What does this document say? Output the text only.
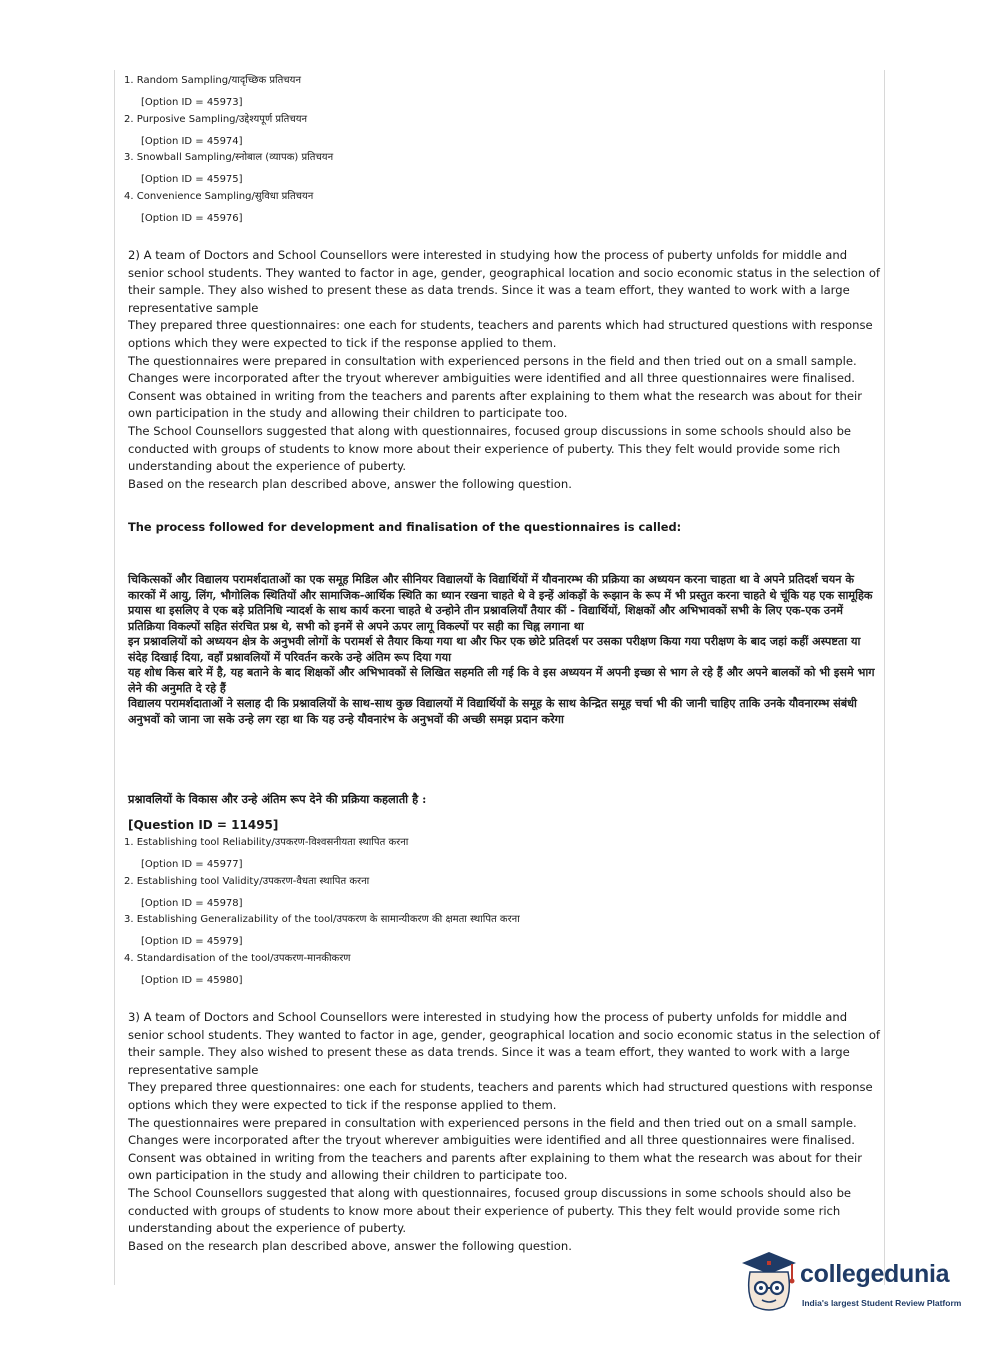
1. Random Sampling/यादृच्छिक प्रतिचयन
[Option ID = 45973]
2. Purposive Sampling/उद्देश्यपूर्ण प्रतिचयन
[Option ID = 45974]
3. Snowball Sampling/स्नोबाल (व्यापक) प्रतिचयन
[Option ID = 45975]
4. Convenience Sampling/सुविधा प्रतिचयन
[Option ID = 45976]

2) A team of Doctors and School Counsellors were interested in studying how the process of puberty unfolds for middle and senior school students. They wanted to factor in age, gender, geographical location and socio economic status in the selection of their sample. They also wished to present these as data trends. Since it was a team effort, they wanted to work with a large representative sample

They prepared three questionnaires: one each for students, teachers and parents which had structured questions with response options which they were expected to tick if the response applied to them.

The questionnaires were prepared in consultation with experienced persons in the field and then tried out on a small sample. Changes were incorporated after the tryout wherever ambiguities were identified and all three questionnaires were finalised.

Consent was obtained in writing from the teachers and parents after explaining to them what the research was about for their own participation in the study and allowing their children to participate too.

The School Counsellors suggested that along with questionnaires, focused group discussions in some schools should also be conducted with groups of students to know more about their experience of puberty. This they felt would provide some rich understanding about the experience of puberty.

Based on the research plan described above, answer the following question.

The process followed for development and finalisation of the questionnaires is called:

चिकित्सकों और विद्यालय परामर्शदाताओं का एक समूह मिडिल और सीनियर विद्यालयों के विद्यार्थियों में यौवनारम्भ की प्रक्रिया का अध्ययन करना चाहता था वे अपने प्रतिदर्श चयन के कारकों में आयु, लिंग, भौगोलिक स्थितियों और सामाजिक-आर्थिक स्थिति का ध्यान रखना चाहते थे वे इन्हें आंकड़ों के रूझान के रूप में भी प्रस्तुत करना चाहते थे चूंकि यह एक सामूहिक प्रयास था इसलिए वे एक बड़े प्रतिनिधि न्यादर्श के साथ कार्य करना चाहते थे उन्होने तीन प्रश्नावलियाँ तैयार कीं - विद्यार्थियों, शिक्षकों और अभिभावकों सभी के लिए एक-एक उनमें प्रतिक्रिया विकल्पों सहित संरचित प्रश्न थे, सभी को इनमें से अपने ऊपर लागू विकल्पों पर सही का चिह्न लगाना था

इन प्रश्नावलियों को अध्ययन क्षेत्र के अनुभवी लोगों के परामर्श से तैयार किया गया था और फिर एक छोटे प्रतिदर्श पर उसका परीक्षण किया गया परीक्षण के बाद जहां कहीं अस्पष्टता या संदेह दिखाई दिया, वहाँ प्रश्नावलियों में परिवर्तन करके उन्हे अंतिम रूप दिया गया

यह शोध किस बारे में है, यह बताने के बाद शिक्षकों और अभिभावकों से लिखित सहमति ली गई कि वे इस अध्ययन में अपनी इच्छा से भाग ले रहे हैं और अपने बालकों को भी इसमे भाग लेने की अनुमति दे रहे हैं

विद्यालय परामर्शदाताओं ने सलाह दी कि प्रश्नावलियों के साथ-साथ कुछ विद्यालयों में विद्यार्थियों के समूह के साथ केन्द्रित समूह चर्चा भी की जानी चाहिए ताकि उनके यौवनारम्भ संबंधी अनुभवों को जाना जा सके उन्हे लग रहा था कि यह उन्हे यौवनारंभ के अनुभवों की अच्छी समझ प्रदान करेगा

प्रश्नावलियों के विकास और उन्हे अंतिम रूप देने की प्रक्रिया कहलाती है :
[Question ID = 11495]
1. Establishing tool Reliability/उपकरण-विश्वसनीयता स्थापित करना
[Option ID = 45977]
2. Establishing tool Validity/उपकरण-वैधता स्थापित करना
[Option ID = 45978]
3. Establishing Generalizability of the tool/उपकरण के सामान्यीकरण की क्षमता स्थापित करना
[Option ID = 45979]
4. Standardisation of the tool/उपकरण-मानकीकरण
[Option ID = 45980]

3) A team of Doctors and School Counsellors were interested in studying how the process of puberty unfolds for middle and senior school students. They wanted to factor in age, gender, geographical location and socio economic status in the selection of their sample. They also wished to present these as data trends. Since it was a team effort, they wanted to work with a large representative sample

They prepared three questionnaires: one each for students, teachers and parents which had structured questions with response options which they were expected to tick if the response applied to them.

The questionnaires were prepared in consultation with experienced persons in the field and then tried out on a small sample. Changes were incorporated after the tryout wherever ambiguities were identified and all three questionnaires were finalised.

Consent was obtained in writing from the teachers and parents after explaining to them what the research was about for their own participation in the study and allowing their children to participate too.

The School Counsellors suggested that along with questionnaires, focused group discussions in some schools should also be conducted with groups of students to know more about their experience of puberty. This they felt would provide some rich understanding about the experience of puberty.

Based on the research plan described above, answer the following question.

collegedunia
India's largest Student Review Platform
